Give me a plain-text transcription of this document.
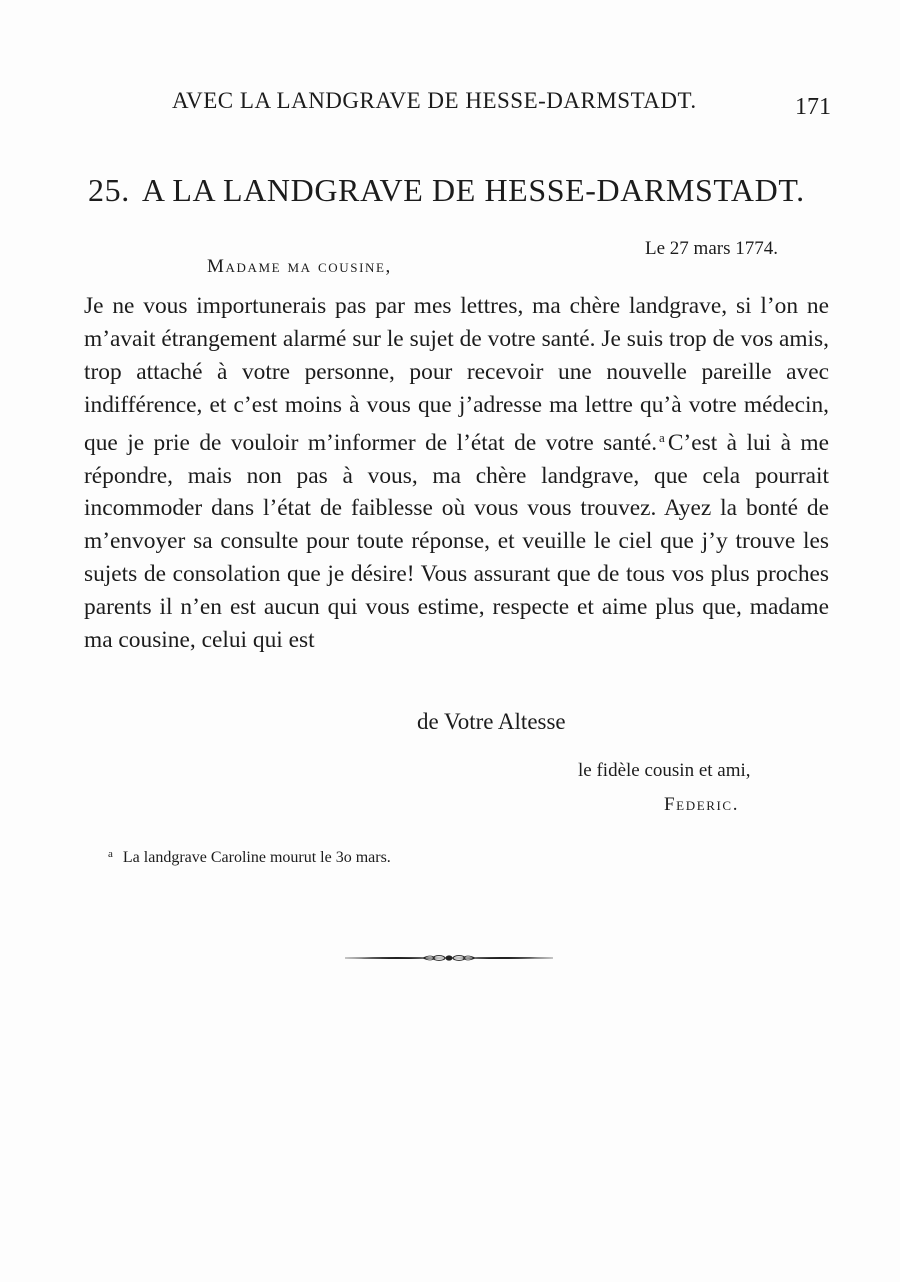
AVEC LA LANDGRAVE DE HESSE-DARMSTADT.	171
25. A LA LANDGRAVE DE HESSE-DARMSTADT.
Le 27 mars 1774.
Madame ma cousine,

Je ne vous importunerais pas par mes lettres, ma chère landgrave, si l’on ne m’avait étrangement alarmé sur le sujet de votre santé. Je suis trop de vos amis, trop attaché à votre personne, pour recevoir une nouvelle pareille avec indifférence, et c’est moins à vous que j’adresse ma lettre qu’à votre médecin, que je prie de vouloir m’informer de l’état de votre santé. $^a$ C’est à lui à me répondre, mais non pas à vous, ma chère landgrave, que cela pourrait incommoder dans l’état de faiblesse où vous vous trouvez. Ayez la bonté de m’envoyer sa consulte pour toute réponse, et veuille le ciel que j’y trouve les sujets de consolation que je désire! Vous assurant que de tous vos plus proches parents il n’en est aucun qui vous estime, respecte et aime plus que, madame ma cousine, celui qui est

de Votre Altesse
le fidèle cousin et ami,
Federic.
$^a$ La landgrave Caroline mourut le 3o mars.
